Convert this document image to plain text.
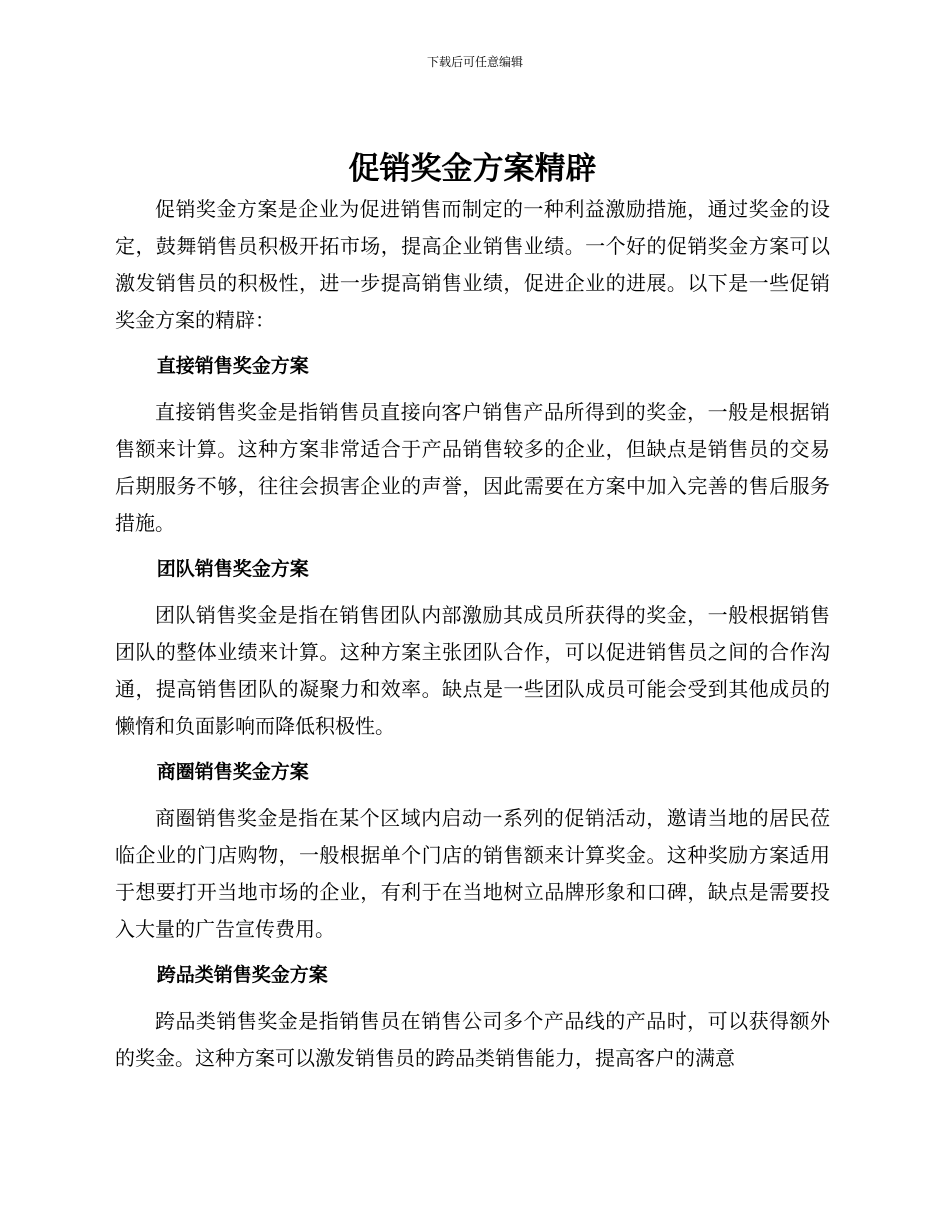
下载后可任意编辑
促销奖金方案精辟

促销奖金方案是企业为促进销售而制定的一种利益激励措施，通过奖金的设定，鼓舞销售员积极开拓市场，提高企业销售业绩。一个好的促销奖金方案可以激发销售员的积极性，进一步提高销售业绩，促进企业的进展。以下是一些促销奖金方案的精辟：

直接销售奖金方案

直接销售奖金是指销售员直接向客户销售产品所得到的奖金，一般是根据销售额来计算。这种方案非常适合于产品销售较多的企业，但缺点是销售员的交易后期服务不够，往往会损害企业的声誉，因此需要在方案中加入完善的售后服务措施。

团队销售奖金方案

团队销售奖金是指在销售团队内部激励其成员所获得的奖金，一般根据销售团队的整体业绩来计算。这种方案主张团队合作，可以促进销售员之间的合作沟通，提高销售团队的凝聚力和效率。缺点是一些团队成员可能会受到其他成员的懒惰和负面影响而降低积极性。

商圈销售奖金方案

商圈销售奖金是指在某个区域内启动一系列的促销活动，邀请当地的居民莅临企业的门店购物，一般根据单个门店的销售额来计算奖金。这种奖励方案适用于想要打开当地市场的企业，有利于在当地树立品牌形象和口碑，缺点是需要投入大量的广告宣传费用。

跨品类销售奖金方案

跨品类销售奖金是指销售员在销售公司多个产品线的产品时，可以获得额外的奖金。这种方案可以激发销售员的跨品类销售能力，提高客户的满意
